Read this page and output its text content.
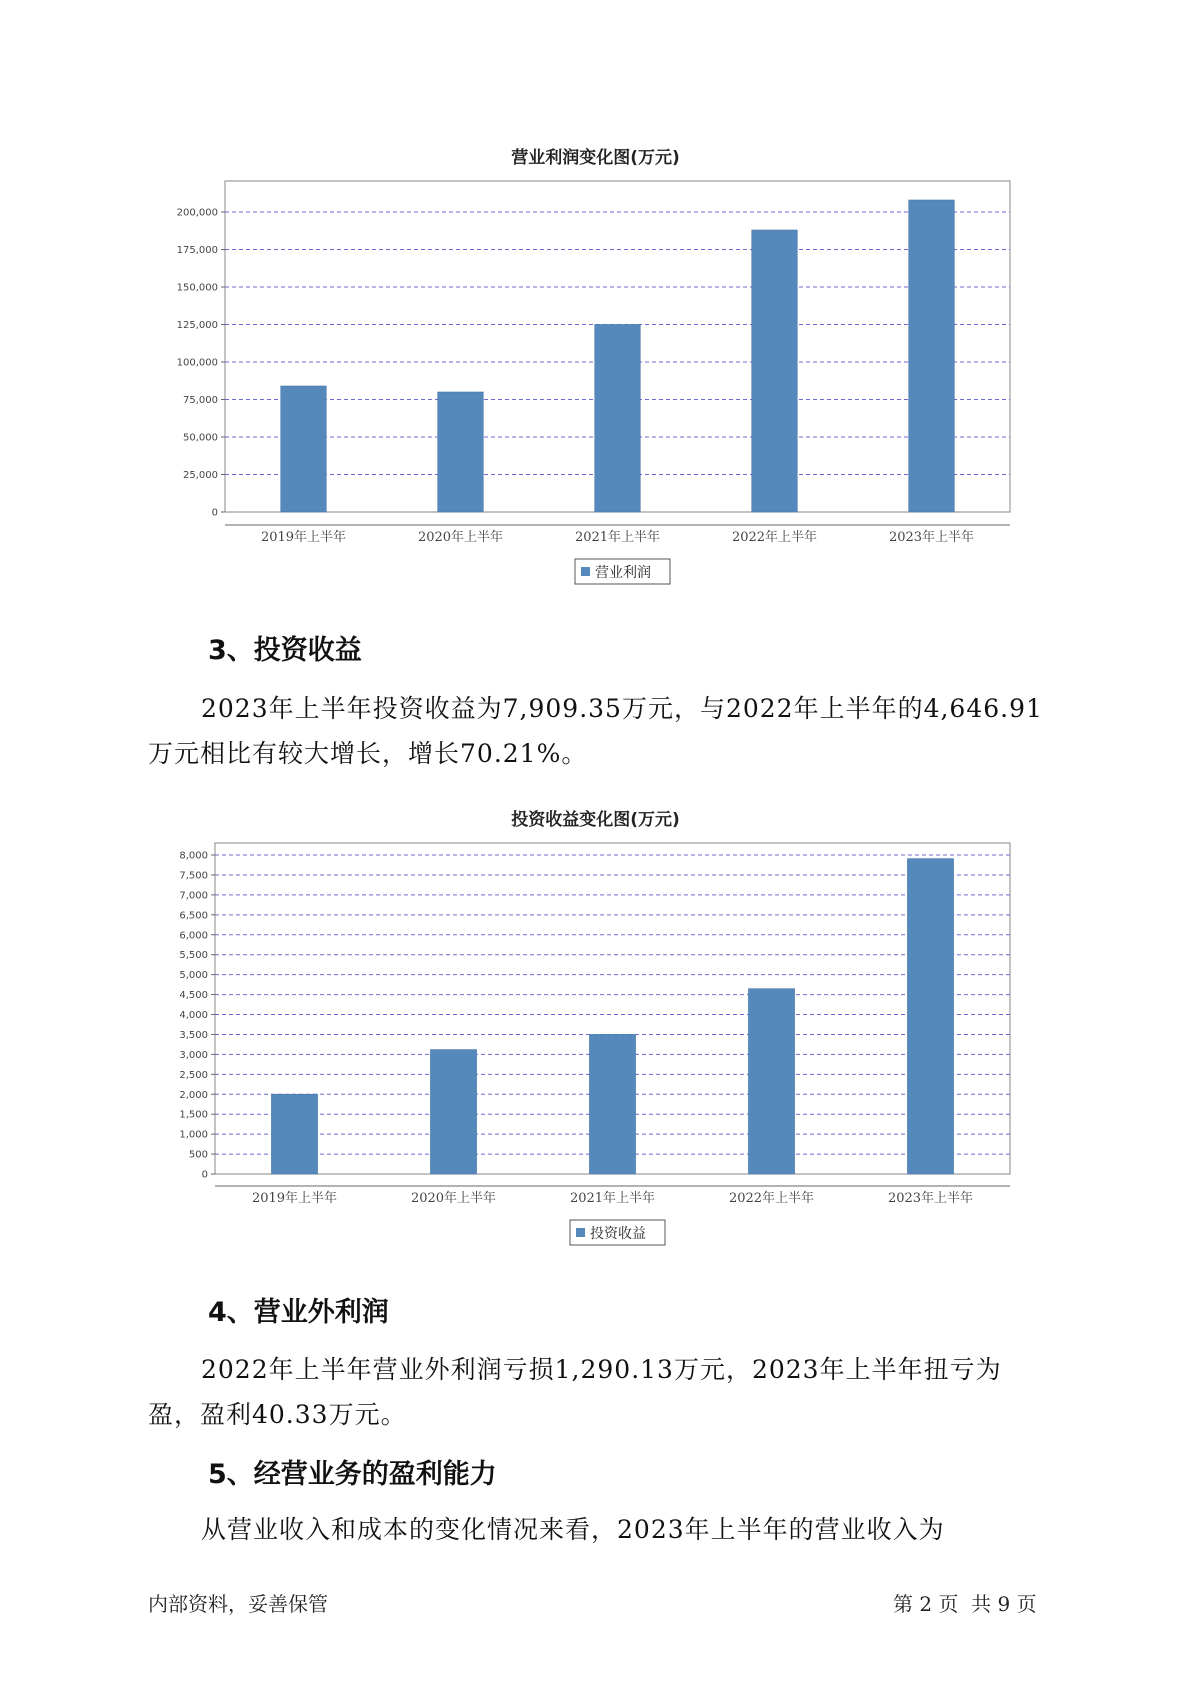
营业利润变化图(万元)
0
25,000
50,000
75,000
100,000
125,000
150,000
175,000
200,000
2019年上半年	2020年上半年	2021年上半年	2022年上半年	2023年上半年
营业利润
3、投资收益

2023年上半年投资收益为7,909.35万元，与2022年上半年的4,646.91万元相比有较大增长，增长70.21%。

投资收益变化图(万元)
0
500
1,000
1,500
2,000
2,500
3,000
3,500
4,000
4,500
5,000
5,500
6,000
6,500
7,000
7,500
8,000
2019年上半年	2020年上半年	2021年上半年	2022年上半年	2023年上半年
投资收益
4、营业外利润

2022年上半年营业外利润亏损1,290.13万元，2023年上半年扭亏为盈，盈利40.33万元。

5、经营业务的盈利能力

从营业收入和成本的变化情况来看，2023年上半年的营业收入为

内部资料，妥善保管	第 2 页  共 9 页
